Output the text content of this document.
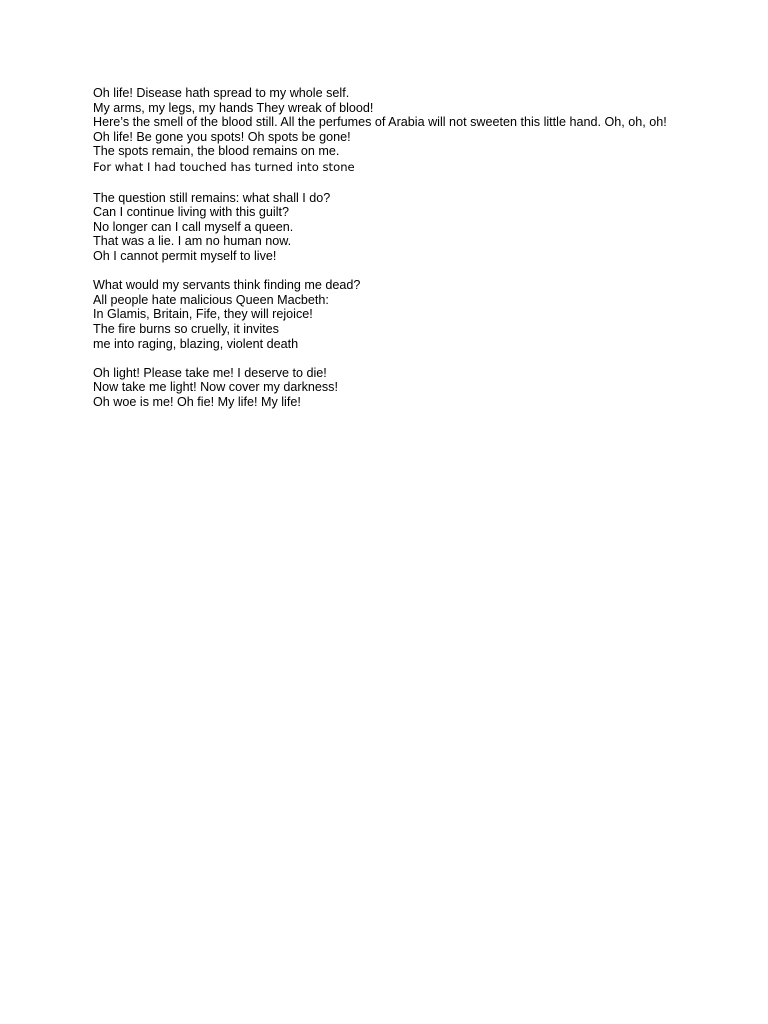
Oh life! Disease hath spread to my whole self.
My arms, my legs, my hands They wreak of blood!
Here’s the smell of the blood still. All the perfumes of Arabia will not sweeten this little hand. Oh, oh, oh!
Oh life! Be gone you spots! Oh spots be gone!
The spots remain, the blood remains on me.
For what I had touched has turned into stone
The question still remains: what shall I do?
Can I continue living with this guilt?
No longer can I call myself a queen.
That was a lie. I am no human now.
Oh I cannot permit myself to live!
What would my servants think finding me dead?
All people hate malicious Queen Macbeth:
In Glamis, Britain, Fife, they will rejoice!
The fire burns so cruelly, it invites
me into raging, blazing, violent death
Oh light! Please take me! I deserve to die!
Now take me light! Now cover my darkness!
Oh woe is me! Oh fie! My life! My life!
